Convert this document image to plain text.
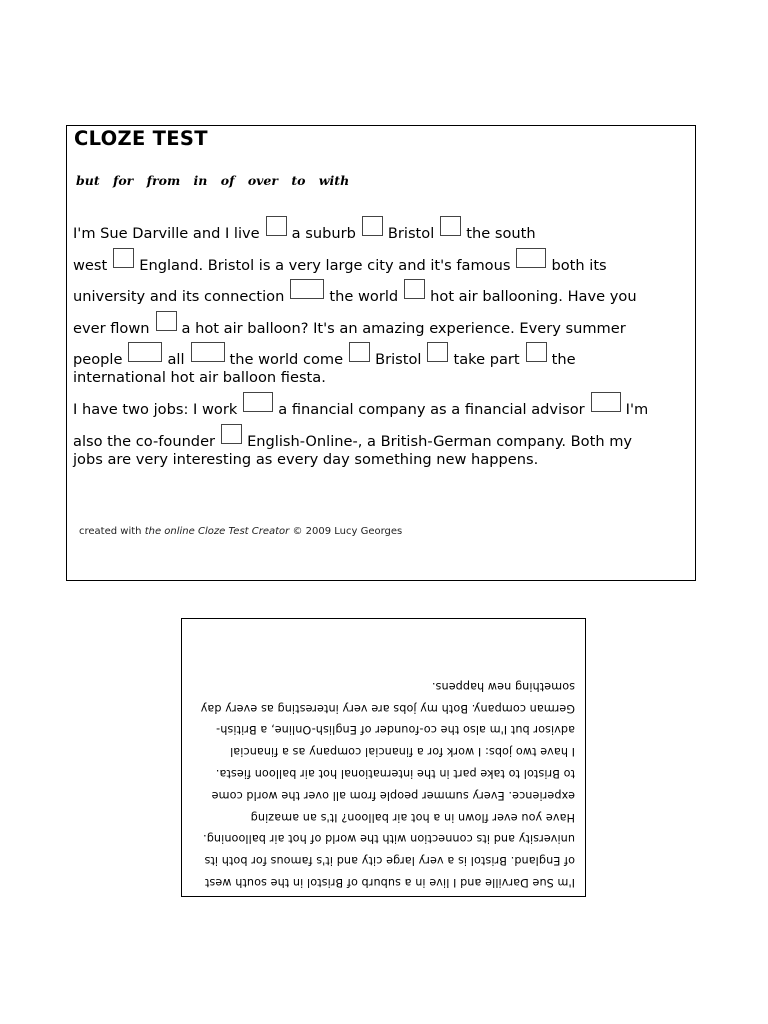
CLOZE TEST

but for from in of over to with

I'm Sue Darville and I live a suburb Bristol the south
west England. Bristol is a very large city and it's famous	both its
university and its connection	the world hot air ballooning. Have you
ever flown a hot air balloon? It's an amazing experience. Every summer
people	all	the world come Bristol take part the
international hot air balloon fiesta.

I have two jobs: I work	a financial company as a financial advisor	I'm
also the co-founder English-Online-, a British-German company. Both my
jobs are very interesting as every day something new happens.

created with the online Cloze Test Creator © 2009 Lucy Georges

I'm Sue Darville and I live in a suburb of Bristol in the south west
of England. Bristol is a very large city and it's famous for both its
university and its connection with the world of hot air ballooning.
Have you ever flown in a hot air balloon? It's an amazing
experience. Every summer people from all over the world come
to Bristol to take part in the international hot air balloon fiesta.
I have two jobs: I work for a financial company as a financial
advisor but I'm also the co-founder of English-Online, a British-
German company. Both my jobs are very interesting as every day
something new happens.
